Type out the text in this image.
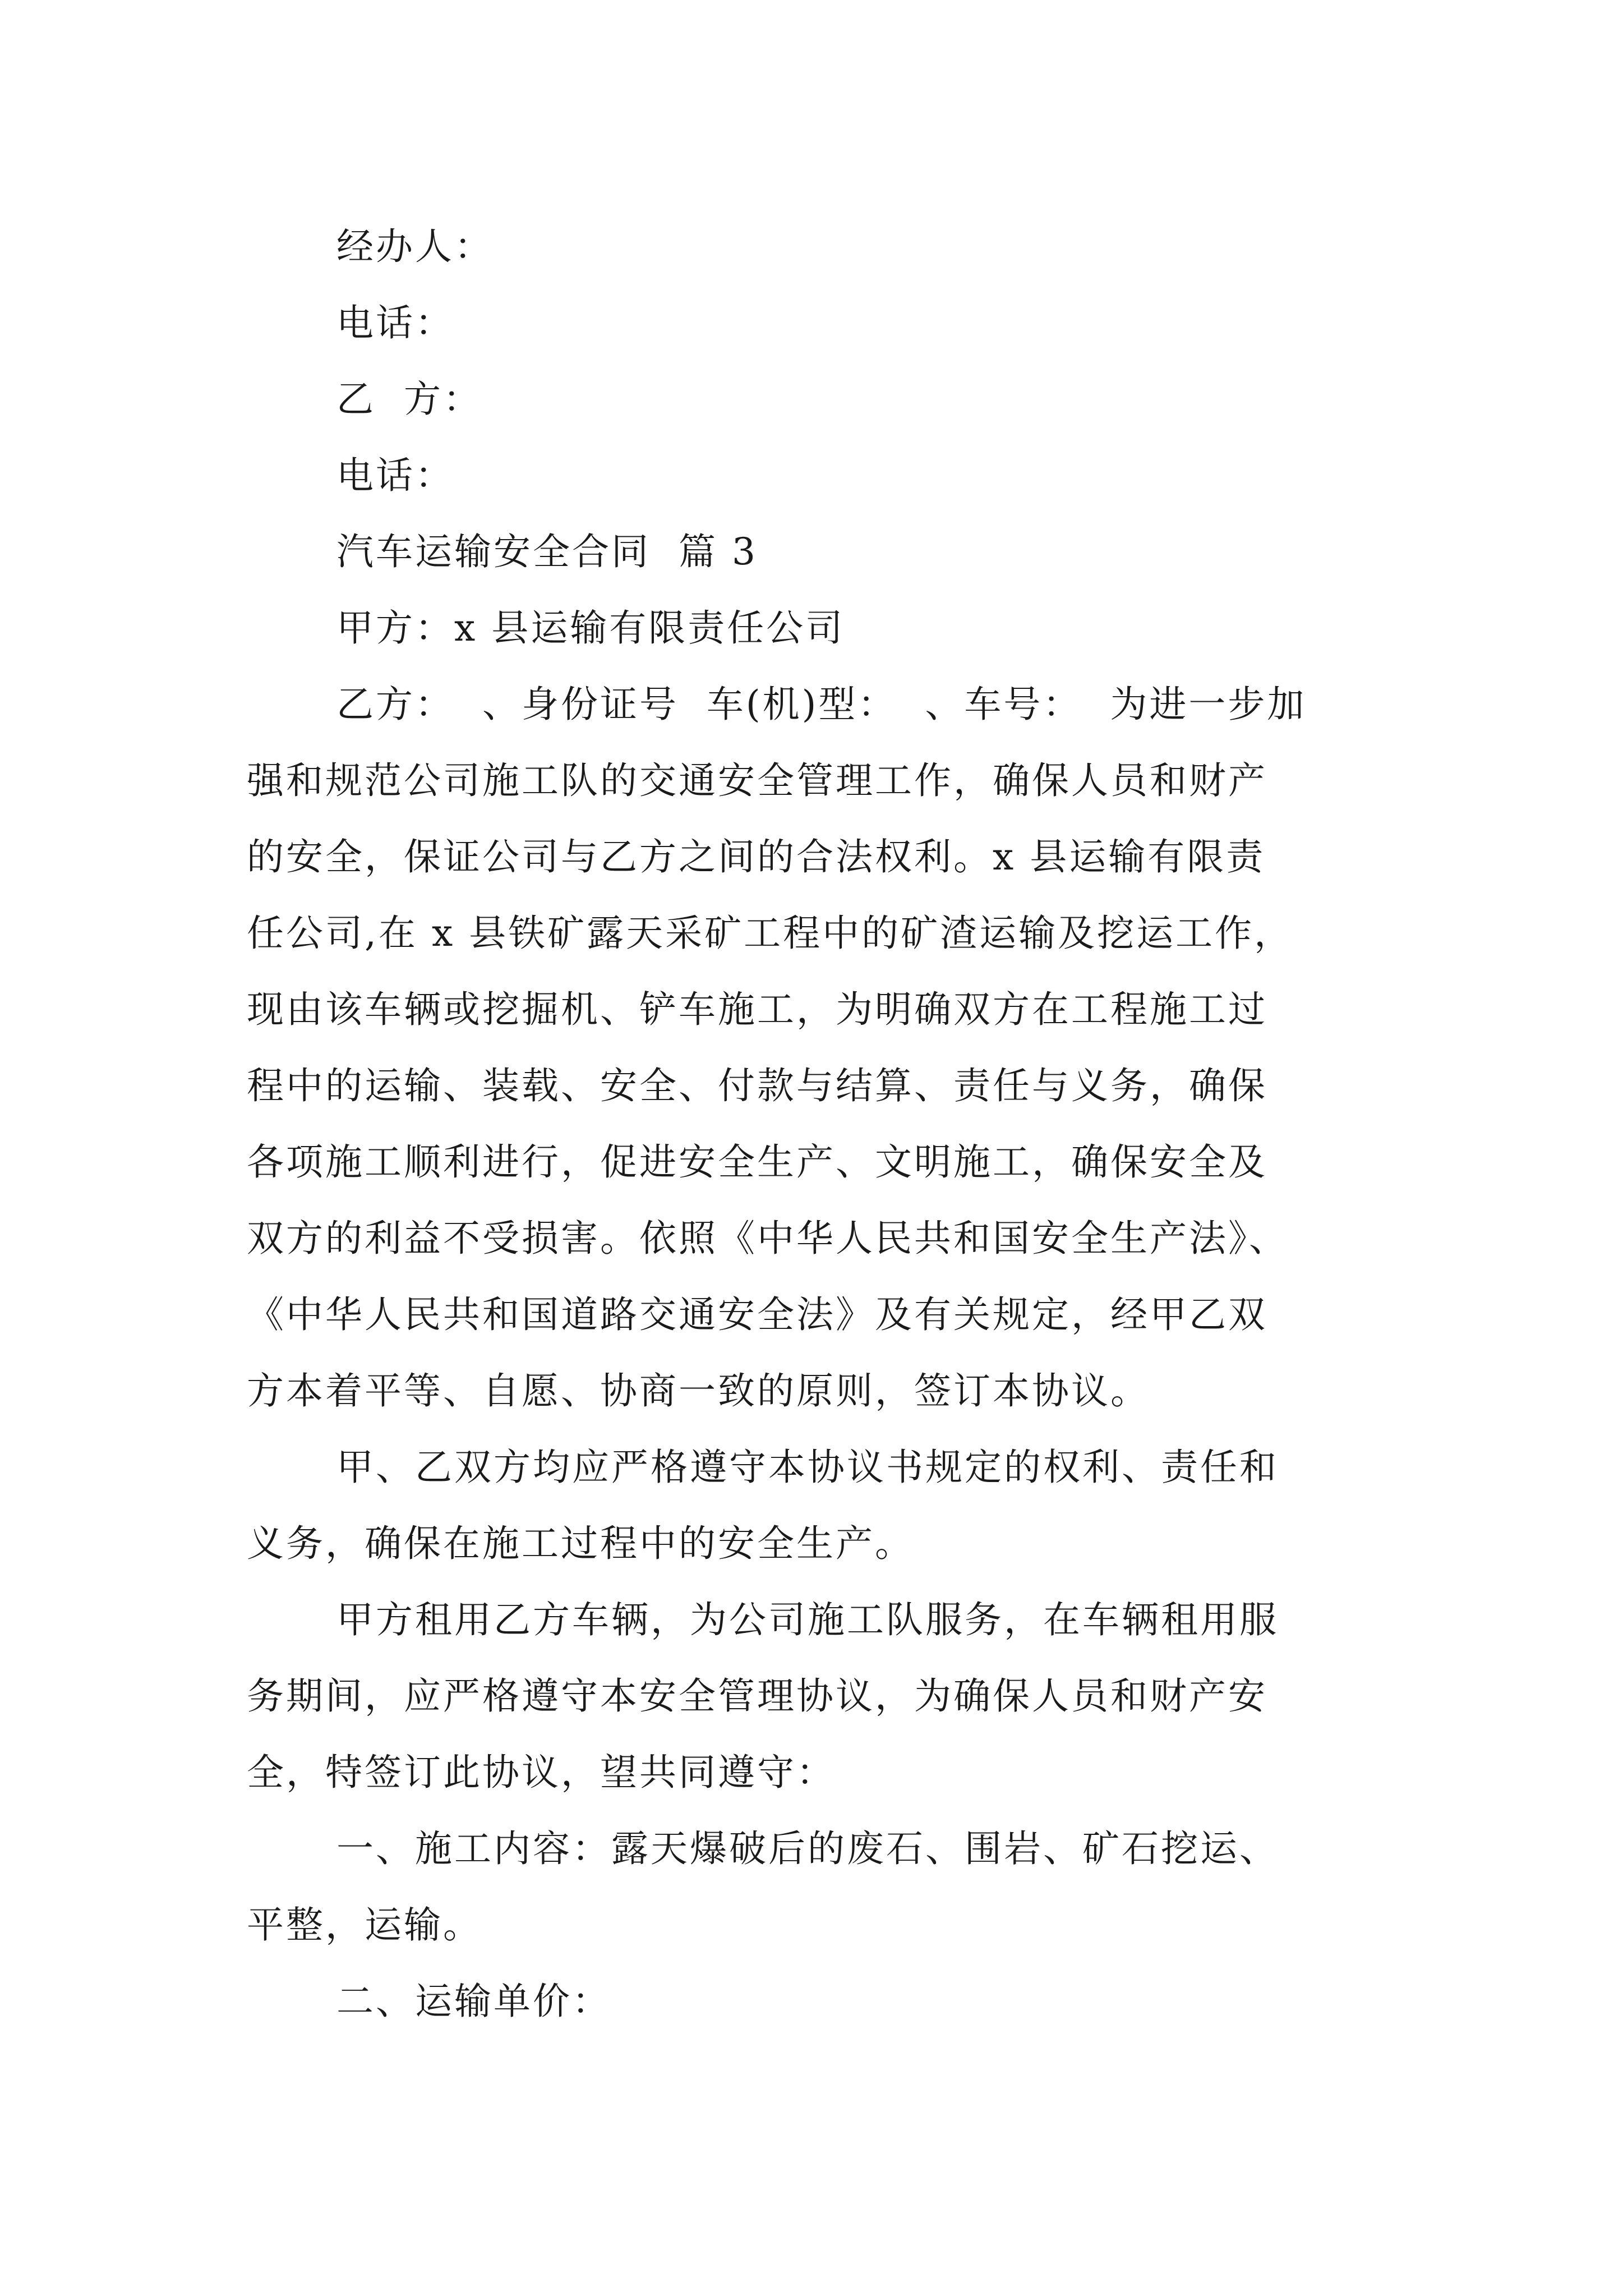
经办人：
电话：
乙  方：
电话：
汽车运输安全合同  篇 3
甲方：x 县运输有限责任公司
乙方：  、身份证号  车(机)型：  、车号：  为进一步加
强和规范公司施工队的交通安全管理工作，确保人员和财产
的安全，保证公司与乙方之间的合法权利。x 县运输有限责
任公司,在 x 县铁矿露天采矿工程中的矿渣运输及挖运工作，
现由该车辆或挖掘机、铲车施工，为明确双方在工程施工过
程中的运输、装载、安全、付款与结算、责任与义务，确保
各项施工顺利进行，促进安全生产、文明施工，确保安全及
双方的利益不受损害。依照《中华人民共和国安全生产法》、
《中华人民共和国道路交通安全法》及有关规定，经甲乙双
方本着平等、自愿、协商一致的原则，签订本协议。
甲、乙双方均应严格遵守本协议书规定的权利、责任和
义务，确保在施工过程中的安全生产。
甲方租用乙方车辆，为公司施工队服务，在车辆租用服
务期间，应严格遵守本安全管理协议，为确保人员和财产安
全，特签订此协议，望共同遵守：
一、施工内容：露天爆破后的废石、围岩、矿石挖运、
平整，运输。
二、运输单价：
